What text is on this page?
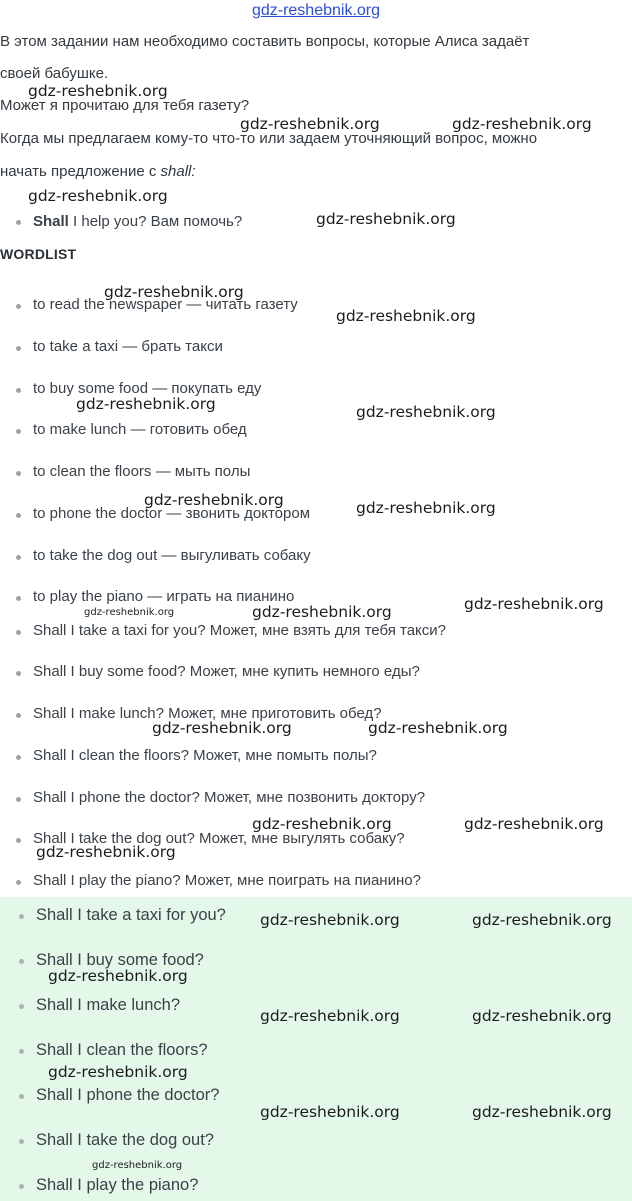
gdz-reshebnik.org
В этом задании нам необходимо составить вопросы, которые Алиса задаёт
своей бабушке.
Может я прочитаю для тебя газету?
Когда мы предлагаем кому-то что-то или задаем уточняющий вопрос, можно
начать предложение с shall:
Shall I help you? Вам помочь?
WORDLIST
to read the newspaper — читать газету
to take a taxi — брать такси
to buy some food — покупать еду
to make lunch — готовить обед
to clean the floors — мыть полы
to phone the doctor — звонить доктором
to take the dog out — выгуливать собаку
to play the piano — играть на пианино
Shall I take a taxi for you? Может, мне взять для тебя такси?
Shall I buy some food? Может, мне купить немного еды?
Shall I make lunch? Может, мне приготовить обед?
Shall I clean the floors? Может, мне помыть полы?
Shall I phone the doctor? Может, мне позвонить доктору?
Shall I take the dog out? Может, мне выгулять собаку?
Shall I play the piano? Может, мне поиграть на пианино?
Shall I take a taxi for you?
Shall I buy some food?
Shall I make lunch?
Shall I clean the floors?
Shall I phone the doctor?
Shall I take the dog out?
Shall I play the piano?
gdz-reshebnik.org
gdz-reshebnik.org	gdz-reshebnik.org
gdz-reshebnik.org
gdz-reshebnik.org
gdz-reshebnik.org
gdz-reshebnik.org
gdz-reshebnik.org	gdz-reshebnik.org
gdz-reshebnik.org	gdz-reshebnik.org
gdz-reshebnik.org	gdz-reshebnik.org	gdz-reshebnik.org
gdz-reshebnik.org	gdz-reshebnik.org
gdz-reshebnik.org	gdz-reshebnik.org
gdz-reshebnik.org
gdz-reshebnik.org	gdz-reshebnik.org
gdz-reshebnik.org
gdz-reshebnik.org	gdz-reshebnik.org
gdz-reshebnik.org
gdz-reshebnik.org	gdz-reshebnik.org
gdz-reshebnik.org
